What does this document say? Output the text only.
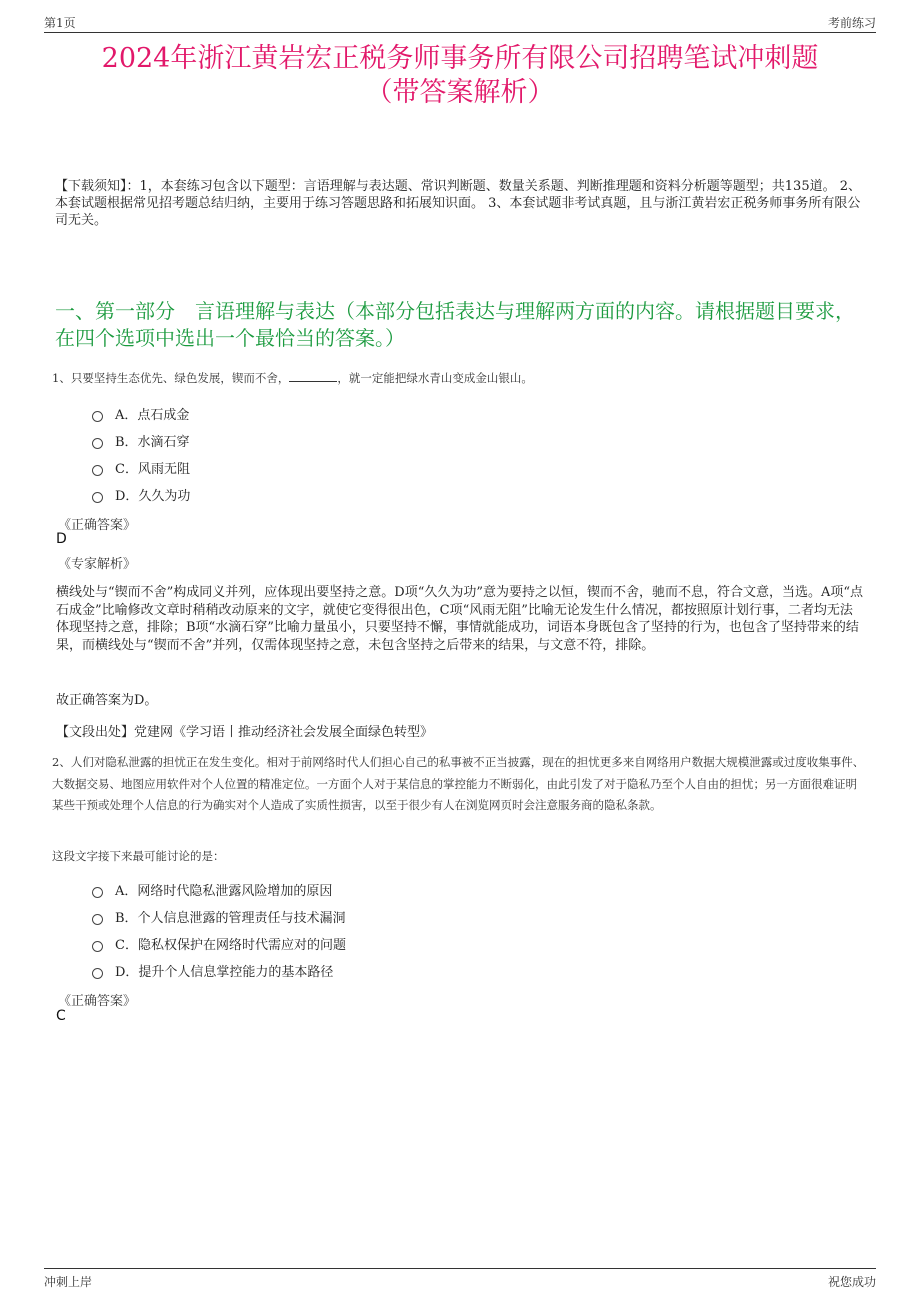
第1页	考前练习
2024年浙江黄岩宏正税务师事务所有限公司招聘笔试冲刺题
（带答案解析）
【下载须知】：1，本套练习包含以下题型：言语理解与表达题、常识判断题、数量关系题、判断推理题和资料分析题等题型；共135道。 2、本套试题根据常见招考题总结归纳，主要用于练习答题思路和拓展知识面。 3、本套试题非考试真题，且与浙江黄岩宏正税务师事务所有限公司无关。
一、第一部分　言语理解与表达（本部分包括表达与理解两方面的内容。请根据题目要求，在四个选项中选出一个最恰当的答案。）
1、只要坚持生态优先、绿色发展，锲而不舍，	，就一定能把绿水青山变成金山银山。
A．点石成金
B．水滴石穿
C．风雨无阻
D．久久为功
《正确答案》
D
《专家解析》
横线处与“锲而不舍”构成同义并列，应体现出要坚持之意。D项“久久为功”意为要持之以恒，锲而不舍，驰而不息，符合文意，当选。A项“点石成金”比喻修改文章时稍稍改动原来的文字，就使它变得很出色，C项“风雨无阻”比喻无论发生什么情况，都按照原计划行事，二者均无法体现坚持之意，排除；B项“水滴石穿”比喻力量虽小，只要坚持不懈，事情就能成功，词语本身既包含了坚持的行为，也包含了坚持带来的结果，而横线处与“锲而不舍”并列，仅需体现坚持之意，未包含坚持之后带来的结果，与文意不符，排除。
故正确答案为D。
【文段出处】党建网《学习语丨推动经济社会发展全面绿色转型》
2、人们对隐私泄露的担忧正在发生变化。相对于前网络时代人们担心自己的私事被不正当披露，现在的担忧更多来自网络用户数据大规模泄露或过度收集事件、大数据交易、地图应用软件对个人位置的精准定位。一方面个人对于某信息的掌控能力不断弱化，由此引发了对于隐私乃至个人自由的担忧；另一方面很难证明某些干预或处理个人信息的行为确实对个人造成了实质性损害，以至于很少有人在浏览网页时会注意服务商的隐私条款。
这段文字接下来最可能讨论的是：
A．网络时代隐私泄露风险增加的原因
B．个人信息泄露的管理责任与技术漏洞
C．隐私权保护在网络时代需应对的问题
D．提升个人信息掌控能力的基本路径
《正确答案》
C
冲刺上岸	祝您成功
